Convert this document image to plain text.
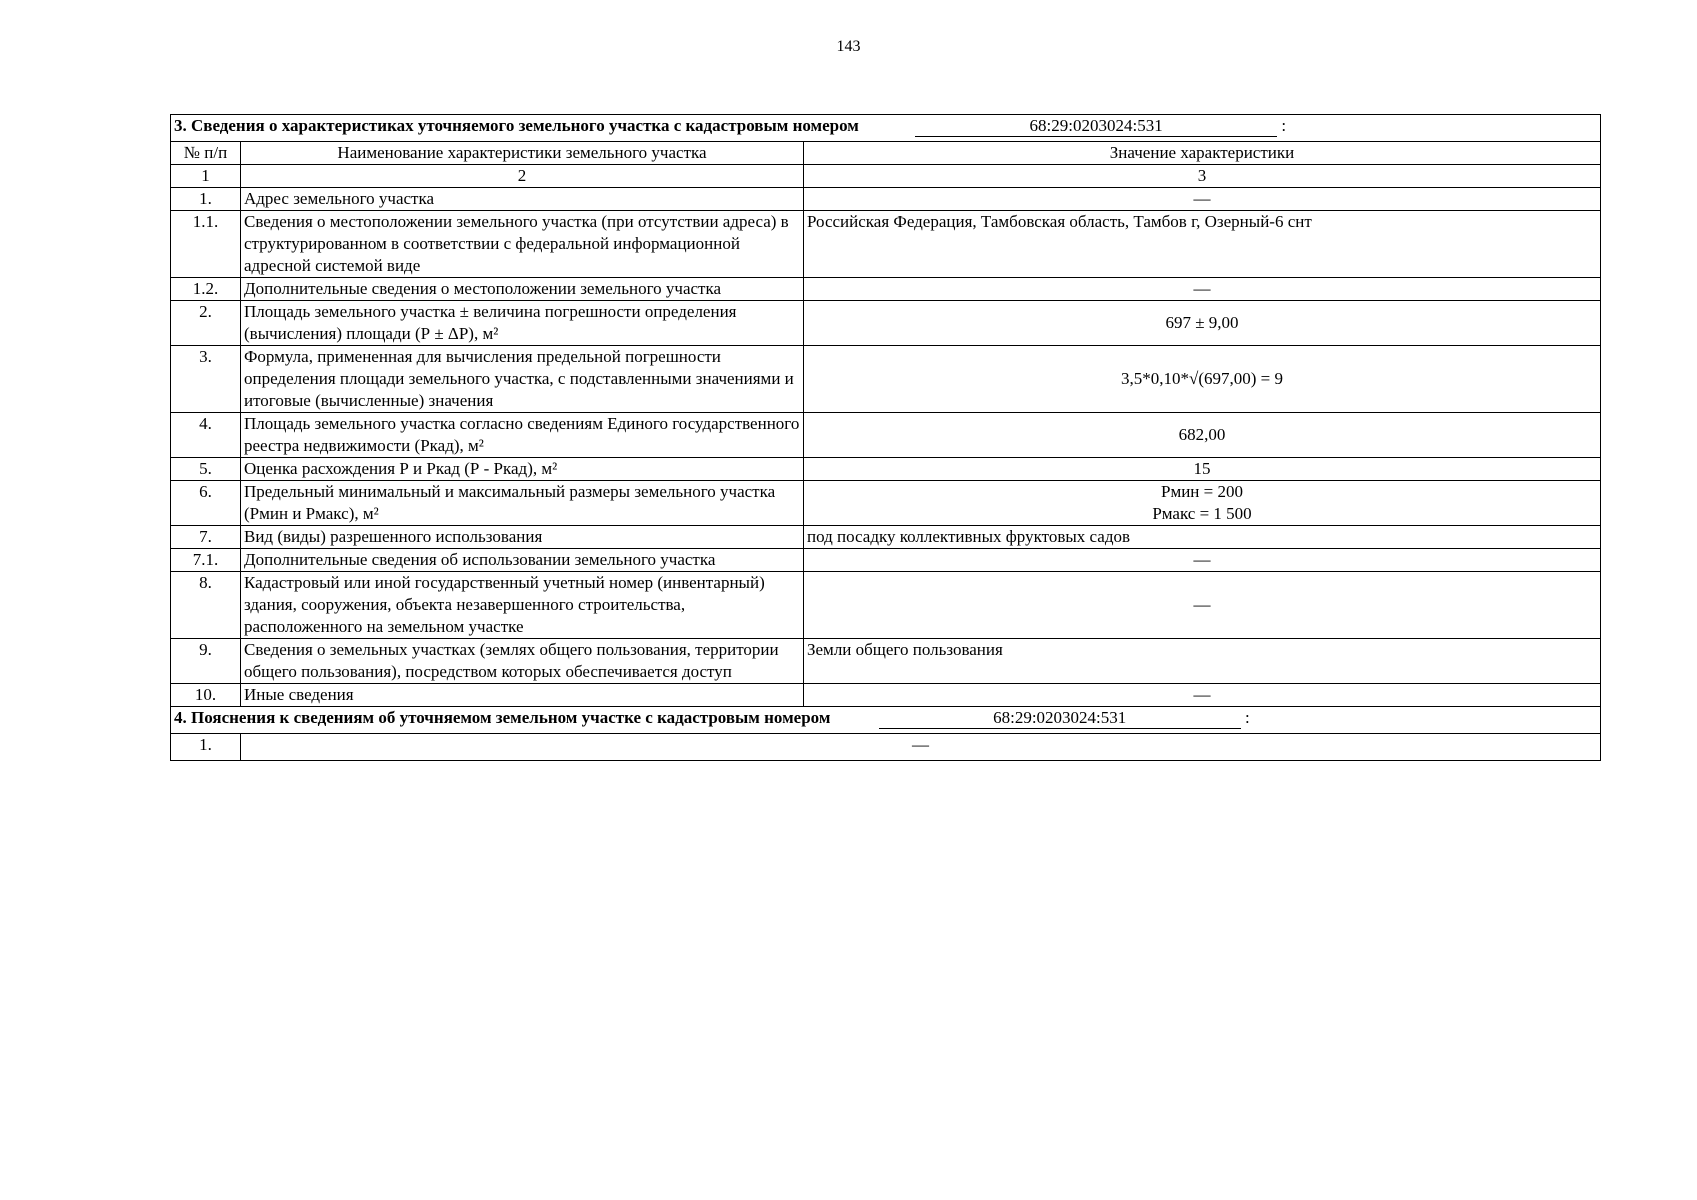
143
3. Сведения о характеристиках уточняемого земельного участка с кадастровым номером 68:29:0203024:531 :		
№ п/п	Наименование характеристики земельного участка	Значение характеристики
1	2	3
1.	Адрес земельного участка	—
1.1.	Сведения о местоположении земельного участка (при отсутствии адреса) в структурированном в соответствии с федеральной информационной адресной системой виде	Российская Федерация, Тамбовская область, Тамбов г, Озерный-6 снт
1.2.	Дополнительные сведения о местоположении земельного участка	—
2.	Площадь земельного участка ± величина погрешности определения (вычисления) площади (Р ± ΔР), м²	697 ± 9,00
3.	Формула, примененная для вычисления предельной погрешности определения площади земельного участка, с подставленными значениями и итоговые (вычисленные) значения	3,5*0,10*√(697,00) = 9
4.	Площадь земельного участка согласно сведениям Единого государственного реестра недвижимости (Ркад), м²	682,00
5.	Оценка расхождения Р и Ркад (Р - Ркад), м²	15
6.	Предельный минимальный и максимальный размеры земельного участка (Рмин и Рмакс), м²	Рмин = 200
Рмакс = 1 500

7.	Вид (виды) разрешенного использования	под посадку коллективных фруктовых садов
7.1.	Дополнительные сведения об использовании земельного участка	—
8.	Кадастровый или иной государственный учетный номер (инвентарный) здания, сооружения, объекта незавершенного строительства, расположенного на земельном участке	—
9.	Сведения о земельных участках (землях общего пользования, территории общего пользования), посредством которых обеспечивается доступ	Земли общего пользования
10.	Иные сведения	—
4. Пояснения к сведениям об уточняемом земельном участке с кадастровым номером 68:29:0203024:531 :		
1.	—	
